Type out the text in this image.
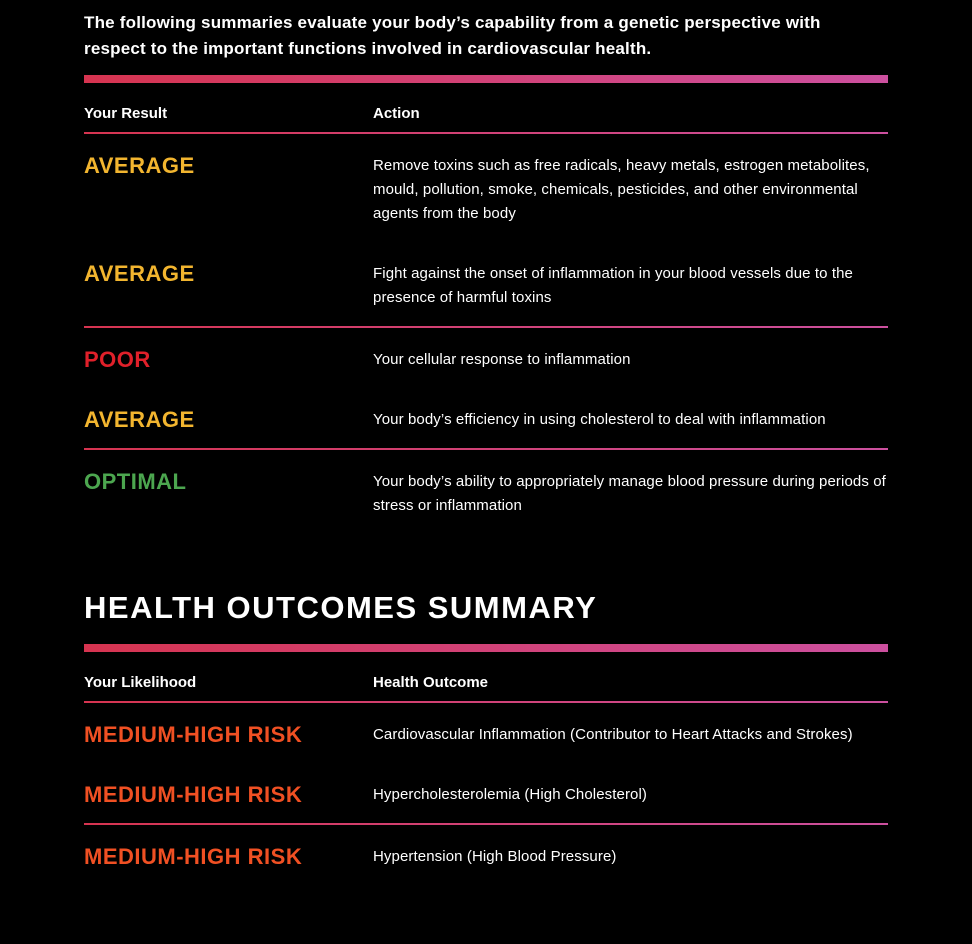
The following summaries evaluate your body’s capability from a genetic perspective with respect to the important functions involved in cardiovascular health.

Your Result	Action
AVERAGE	Remove toxins such as free radicals, heavy metals, estrogen metabolites, mould, pollution, smoke, chemicals, pesticides, and other environmental agents from the body
AVERAGE	Fight against the onset of inflammation in your blood vessels due to the presence of harmful toxins
POOR	Your cellular response to inflammation
AVERAGE	Your body’s efficiency in using cholesterol to deal with inflammation
OPTIMAL	Your body’s ability to appropriately manage blood pressure during periods of stress or inflammation
HEALTH OUTCOMES SUMMARY
Your Likelihood	Health Outcome
MEDIUM-HIGH RISK	Cardiovascular Inflammation (Contributor to Heart Attacks and Strokes)
MEDIUM-HIGH RISK	Hypercholesterolemia (High Cholesterol)
MEDIUM-HIGH RISK	Hypertension (High Blood Pressure)
